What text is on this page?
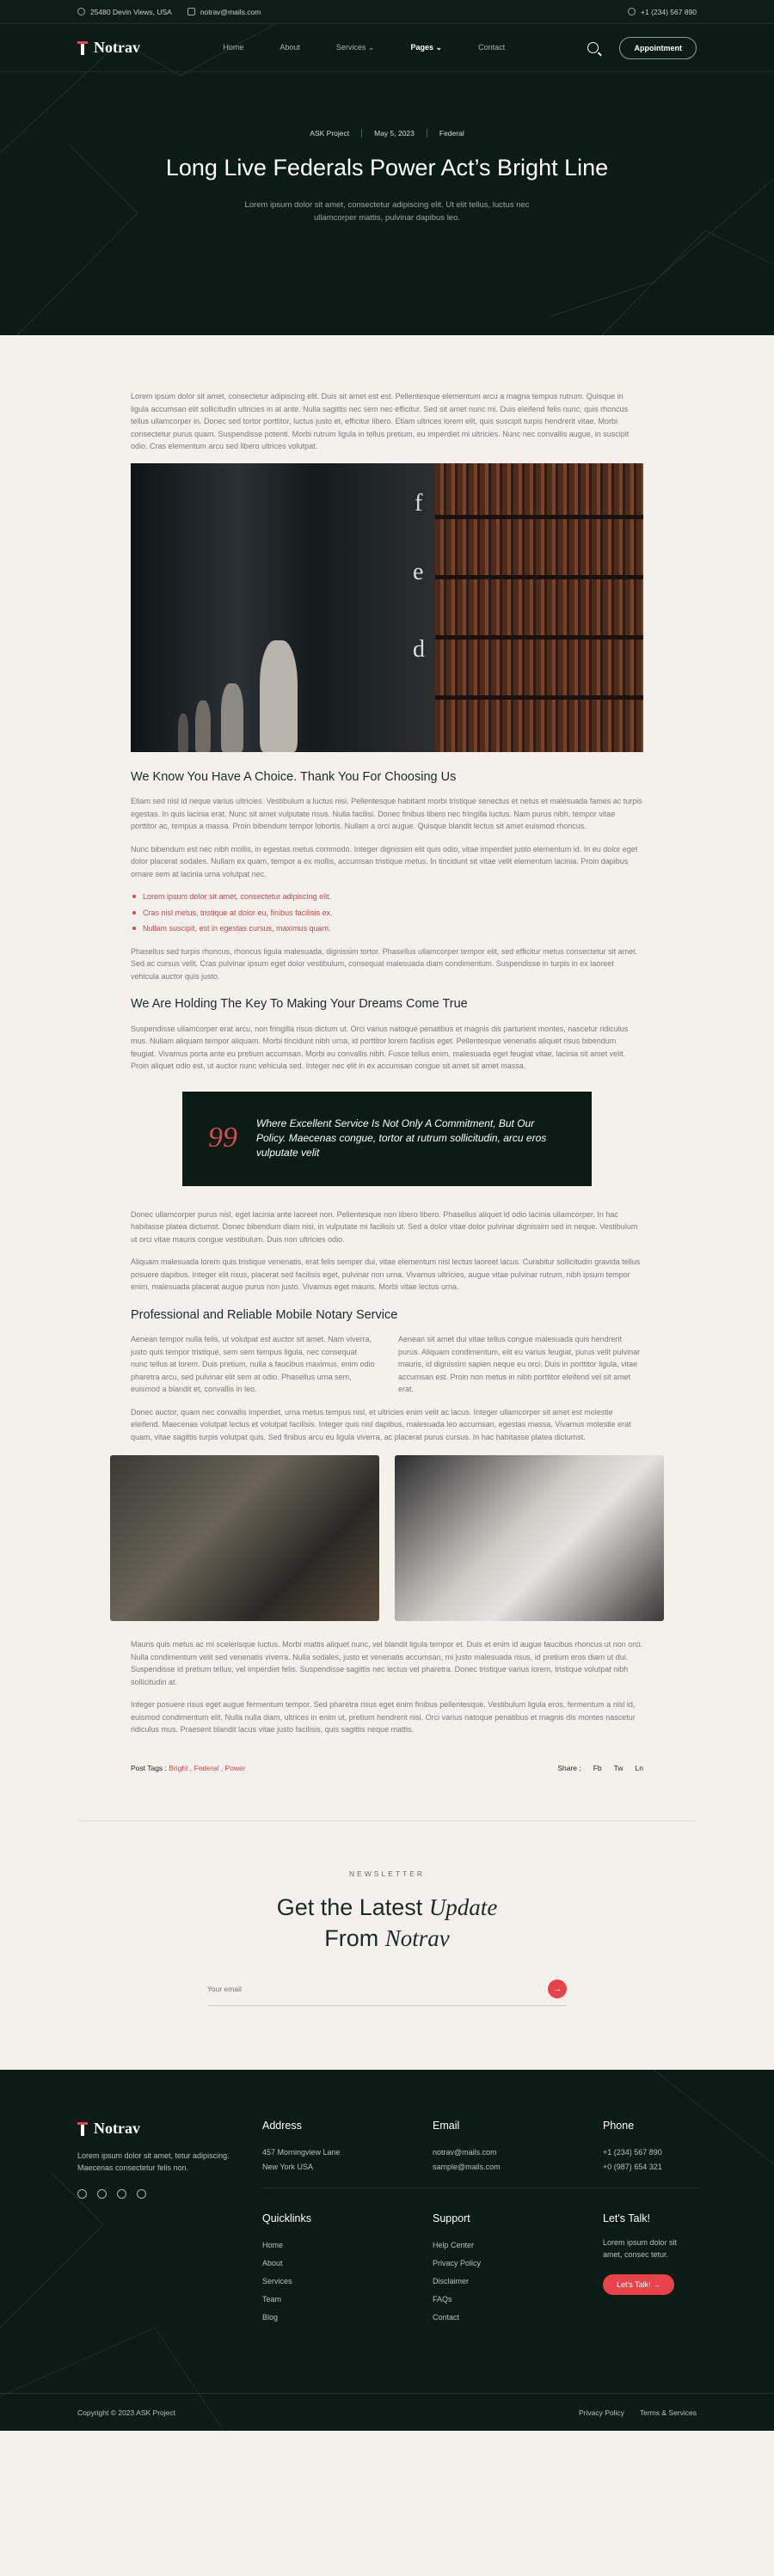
25480 Devin Views, USA	notrav@mails.com	+1 (234) 567 890
Notrav	Home	About	Services ⌄	Pages ⌄	Contact	Appointment
ASK Project	May 5, 2023	Federal
Long Live Federals Power Act’s Bright Line

Lorem ipsum dolor sit amet, consectetur adipiscing elit. Ut elit tellus, luctus nec ullamcorper mattis, pulvinar dapibus leo.

Lorem ipsum dolor sit amet, consectetur adipiscing elit. Duis sit amet est est. Pellentesque elementum arcu a magna tempus rutrum. Quisque in ligula accumsan elit sollicitudin ultricies in at ante. Nulla sagittis nec sem nec efficitur. Sed sit amet nunc mi. Duis eleifend felis nunc, quis rhoncus tellus ullamcorper in. Donec sed tortor porttitor, luctus justo et, efficitur libero. Etiam ultrices lorem elit, quis suscipit turpis hendrerit vitae. Morbi consectetur purus quam. Suspendisse potenti. Morbi rutrum ligula in tellus pretium, eu imperdiet mi ultricies. Nunc nec convallis augue, in suscipit odio. Cras elementum arcu sed libero ultrices volutpat.

f
e
d
We Know You Have A Choice. Thank You For Choosing Us

Etiam sed nisl id neque varius ultricies. Vestibulum a luctus nisi. Pellentesque habitant morbi tristique senectus et netus et malesuada fames ac turpis egestas. In quis lacinia erat. Nunc sit amet vulputate risus. Nulla facilisi. Donec finibus libero nec fringilla luctus. Nam purus nibh, tempor vitae porttitor ac, tempus a massa. Proin bibendum tempor lobortis. Nullam a orci augue. Quisque blandit lectus sit amet euismod rhoncus.

Nunc bibendum est nec nibh mollis, in egestas metus commodo. Integer dignissim elit quis odio, vitae imperdiet justo elementum id. In eu dolor eget dolor placerat sodales. Nullam ex quam, tempor a ex mollis, accumsan tristique metus. In tincidunt sit vitae velit elementum lacinia. Proin dapibus ornare sem at lacinia urna volutpat nec.

Lorem ipsum dolor sit amet, consectetur adipiscing elit.
Cras nisl metus, tristique at dolor eu, finibus facilisis ex.
Nullam suscipit, est in egestas cursus, maximus quam.

Phasellus sed turpis rhoncus, rhoncus ligula malesuada, dignissim tortor. Phasellus ullamcorper tempor elit, sed efficitur metus consectetur sit amet. Sed ac cursus velit. Cras pulvinar ipsum eget dolor vestibulum, consequat malesuada diam condimentum. Suspendisse in turpis in ex laoreet vehicula auctor quis justo.

We Are Holding The Key To Making Your Dreams Come True

Suspendisse ullamcorper erat arcu, non fringilla risus dictum ut. Orci varius natoque penatibus et magnis dis parturient montes, nascetur ridiculus mus. Nullam aliquam tempor aliquam. Morbi tincidunt nibh urna, id porttitor lorem facilisis eget. Pellentesque venenatis aliquet risus bibendum feugiat. Vivamus porta ante eu pretium accumsan. Morbi eu convallis nibh. Fusce tellus enim, malesuada eget feugiat vitae, lacinia sit amet velit. Proin aliquet odio est, ut auctor nunc vehicula sed. Integer nec elit in ex accumsan congue sit amet sit amet massa.

99 Where Excellent Service Is Not Only A Commitment, But Our Policy. Maecenas congue, tortor at rutrum sollicitudin, arcu eros vulputate velit

Donec ullamcorper purus nisl, eget lacinia ante laoreet non. Pellentesque non libero libero. Phasellus aliquet id odio lacinia ullamcorper. In hac habitasse platea dictumst. Donec bibendum diam nisi, in vulputate mi facilisis ut. Sed a dolor vitae dolor pulvinar dignissim sed in neque. Vestibulum ut orci vitae mauris congue vestibulum. Duis non ultricies odio.

Aliquam malesuada lorem quis tristique venenatis, erat felis semper dui, vitae elementum nisl lectus laoreet lacus. Curabitur sollicitudin gravida tellus posuere dapibus. Integer elit risus, placerat sed facilisis eget, pulvinar non urna. Vivamus ultricies, augue vitae pulvinar rutrum, nibh ipsum tempor enim, malesuada placerat augue purus non justo. Vivamus eget mauris. Morbi vitae lectus urna.

Professional and Reliable Mobile Notary Service

Aenean tempor nulla felis, ut volutpat est auctor sit amet. Nam viverra, justo quis tempor tristique, sem sem tempus ligula, nec consequat nunc tellus at lorem. Duis pretium, nulla a faucibus maximus, enim odio pharetra arcu, sed pulvinar elit sem at odio. Phasellus urna sem, euismod a blandit et, convallis in leo.

Aenean sit amet dui vitae tellus congue malesuada quis hendrerit purus. Aliquam condimentum, elit eu varius feugiat, purus velit pulvinar mauris, id dignissim sapien neque eu orci. Duis in porttitor ligula, vitae accumsan est. Proin non metus in nibh porttitor eleifend vel sit amet erat.

Donec auctor, quam nec convallis imperdiet, urna metus tempus nisl, et ultricies enim velit ac lacus. Integer ullamcorper sit amet est molestie eleifend. Maecenas volutpat lectus et volutpat facilisis. Integer quis nisl dapibus, malesuada leo accumsan, egestas massa. Vivamus molestie erat quam, vitae sagittis turpis volutpat quis. Sed finibus arcu eu ligula viverra, ac placerat purus cursus. In hac habitasse platea dictumst.

Mauris quis metus ac mi scelerisque luctus. Morbi mattis aliquet nunc, vel blandit ligula tempor et. Duis et enim id augue faucibus rhoncus ut non orci. Nulla condimentum velit sed venenatis viverra. Nulla sodales, justo et venenatis accumsan, mi justo malesuada risus, id pretium eros diam ut dui. Suspendisse id pretium tellus, vel imperdiet felis. Suspendisse sagittis nec lectus vel pharetra. Donec tristique varius lorem, tristique volutpat nibh sollicitudin at.

Integer posuere risus eget augue fermentum tempor. Sed pharetra risus eget enim finibus pellentesque. Vestibulum ligula eros, fermentum a nisl id, euismod condimentum elit. Nulla nulla diam, ultrices in enim ut, pretium hendrerit nisi. Orci varius natoque penatibus et magnis dis montes nascetur ridiculus mus. Praesent blandit lacus vitae justo facilisis, quis sagittis neque mattis.

Post Tags : Bright , Federal , Power	Share : Fb Tw Ln
NEWSLETTER
Get the Latest Update
From Notrav
Your email
→
Notrav

Lorem ipsum dolor sit amet, tetur adipiscing. Maecenas consectetur felis non.

Address
457 Morningview Lane
New York USA
Email
notrav@mails.com
sample@mails.com
Phone
+1 (234) 567 890
+0 (987) 654 321
Quicklinks
Home
About
Services
Team
Blog
Support
Help Center
Privacy Policy
Disclaimer
FAQs
Contact
Let's Talk!
Lorem ipsum dolor sit amet, consec tetur.
Let's Talk! →
Copyright © 2023 ASK Project	Privacy Policy Terms & Services
